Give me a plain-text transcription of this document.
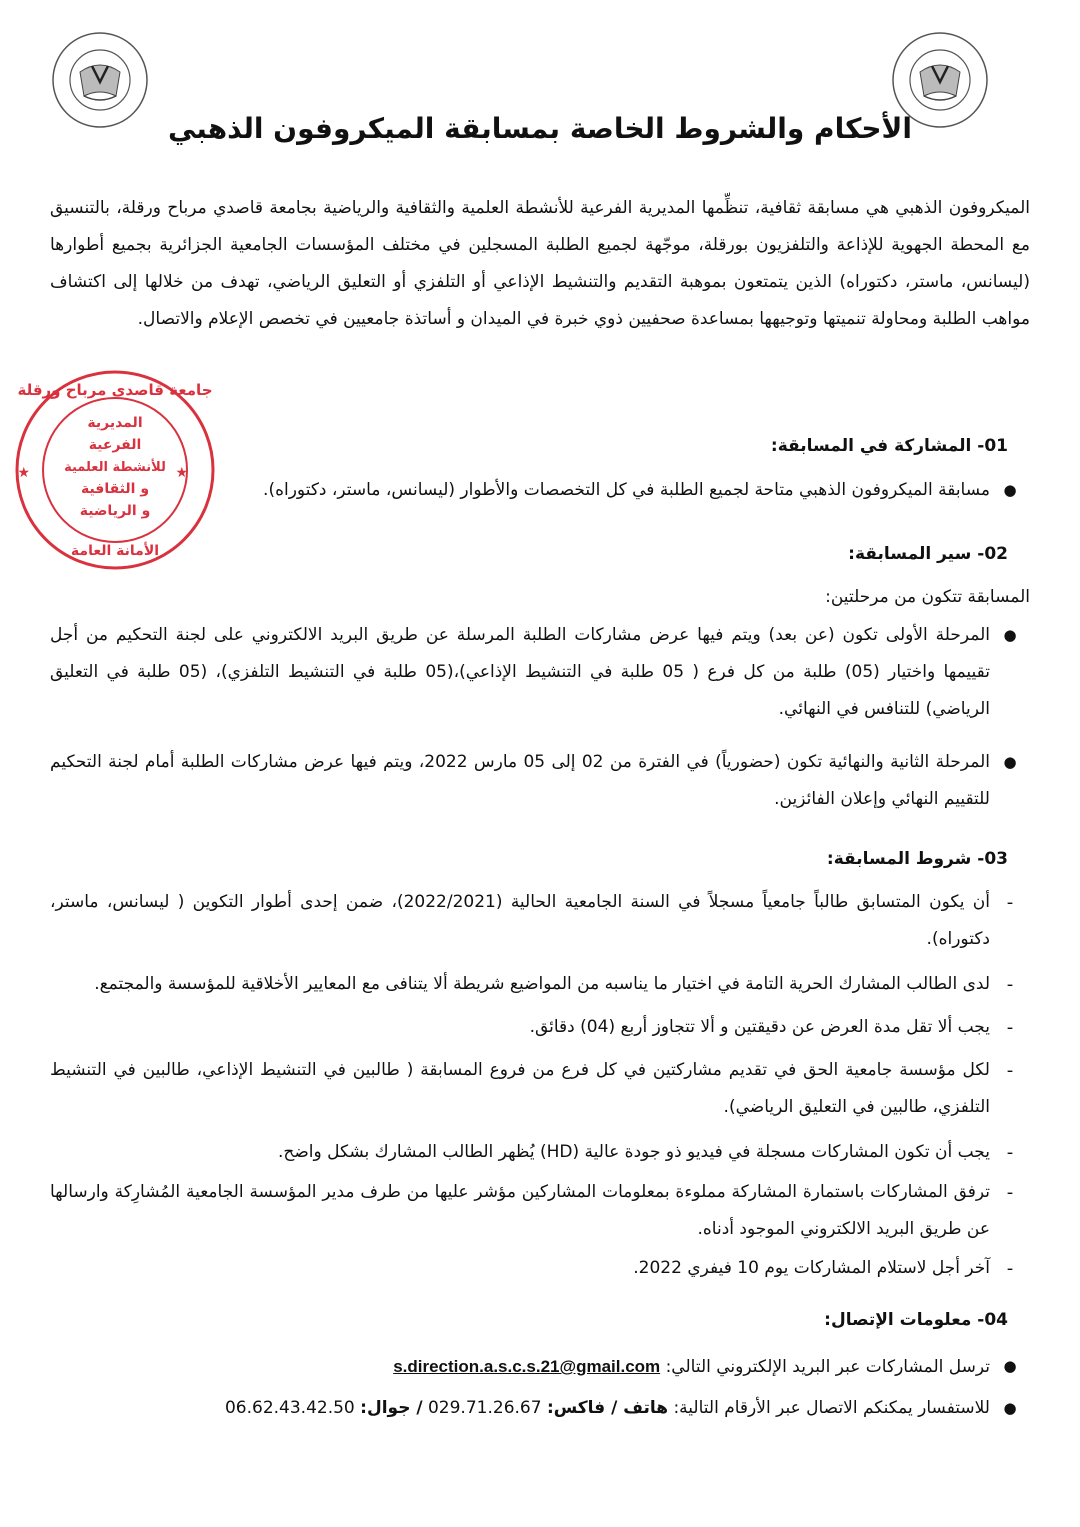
الأحكام والشروط الخاصة بمسابقة الميكروفون الذهبي

الميكروفون الذهبي هي مسابقة ثقافية، تنظِّمها المديرية الفرعية للأنشطة العلمية والثقافية والرياضية بجامعة قاصدي مرباح ورقلة، بالتنسيق مع المحطة الجهوية للإذاعة والتلفزيون بورقلة، موجّهة لجميع الطلبة المسجلين في مختلف المؤسسات الجامعية الجزائرية بجميع أطوارها (ليسانس، ماستر، دكتوراه) الذين يتمتعون بموهبة التقديم والتنشيط الإذاعي أو التلفزي أو التعليق الرياضي، تهدف من خلالها إلى اكتشاف مواهب الطلبة ومحاولة تنميتها وتوجيهها بمساعدة صحفيين ذوي خبرة في الميدان و أساتذة جامعيين في تخصص الإعلام والاتصال.

01- المشاركة في المسابقة:

●
مسابقة الميكروفون الذهبي متاحة لجميع الطلبة في كل التخصصات والأطوار (ليسانس، ماستر، دكتوراه).

02- سير المسابقة:

المسابقة تتكون من مرحلتين:

●
المرحلة الأولى تكون (عن بعد) ويتم فيها عرض مشاركات الطلبة المرسلة عن طريق البريد الالكتروني على لجنة التحكيم من أجل تقييمها واختيار (05) طلبة من كل فرع ( 05 طلبة في التنشيط الإذاعي)،(05 طلبة في التنشيط التلفزي)، (05 طلبة في التعليق الرياضي) للتنافس في النهائي.
●
المرحلة الثانية والنهائية تكون (حضورياً) في الفترة من 02 إلى 05 مارس 2022، ويتم فيها عرض مشاركات الطلبة أمام لجنة التحكيم للتقييم النهائي وإعلان الفائزين.

03- شروط المسابقة:

-
أن يكون المتسابق طالباً جامعياً مسجلاً في السنة الجامعية الحالية (2022/2021)، ضمن إحدى أطوار التكوين ( ليسانس، ماستر، دكتوراه).
-
لدى الطالب المشارك الحرية التامة في اختيار ما يناسبه من المواضيع شريطة ألا يتنافى مع المعايير الأخلاقية للمؤسسة والمجتمع.
-
يجب ألا تقل مدة العرض عن دقيقتين و ألا تتجاوز أربع (04) دقائق.
-
لكل مؤسسة جامعية الحق في تقديم مشاركتين في كل فرع من فروع المسابقة ( طالبين في التنشيط الإذاعي، طالبين في التنشيط التلفزي، طالبين في التعليق الرياضي).
-
يجب أن تكون المشاركات مسجلة في فيديو ذو جودة عالية (HD) يُظهر الطالب المشارك بشكل واضح.
-
ترفق المشاركات باستمارة المشاركة مملوءة بمعلومات المشاركين مؤشر عليها من طرف مدير المؤسسة الجامعية المُشارِكة وارسالها عن طريق البريد الالكتروني الموجود أدناه.
-
آخر أجل لاستلام المشاركات يوم 10 فيفري 2022.

04- معلومات الإتصال:

●
ترسل المشاركات عبر البريد الإلكتروني التالي: s.direction.a.s.c.s.21@gmail.com
●
للاستفسار يمكنكم الاتصال عبر الأرقام التالية: هاتف / فاكس: 029.71.26.67 / جوال: 06.62.43.42.50
★	★
جامعة قاصدي مرباح ورقلة
المديرية
الفرعية
للأنشطة العلمية
و الثقافية
و الرياضية
الأمانة العامة
